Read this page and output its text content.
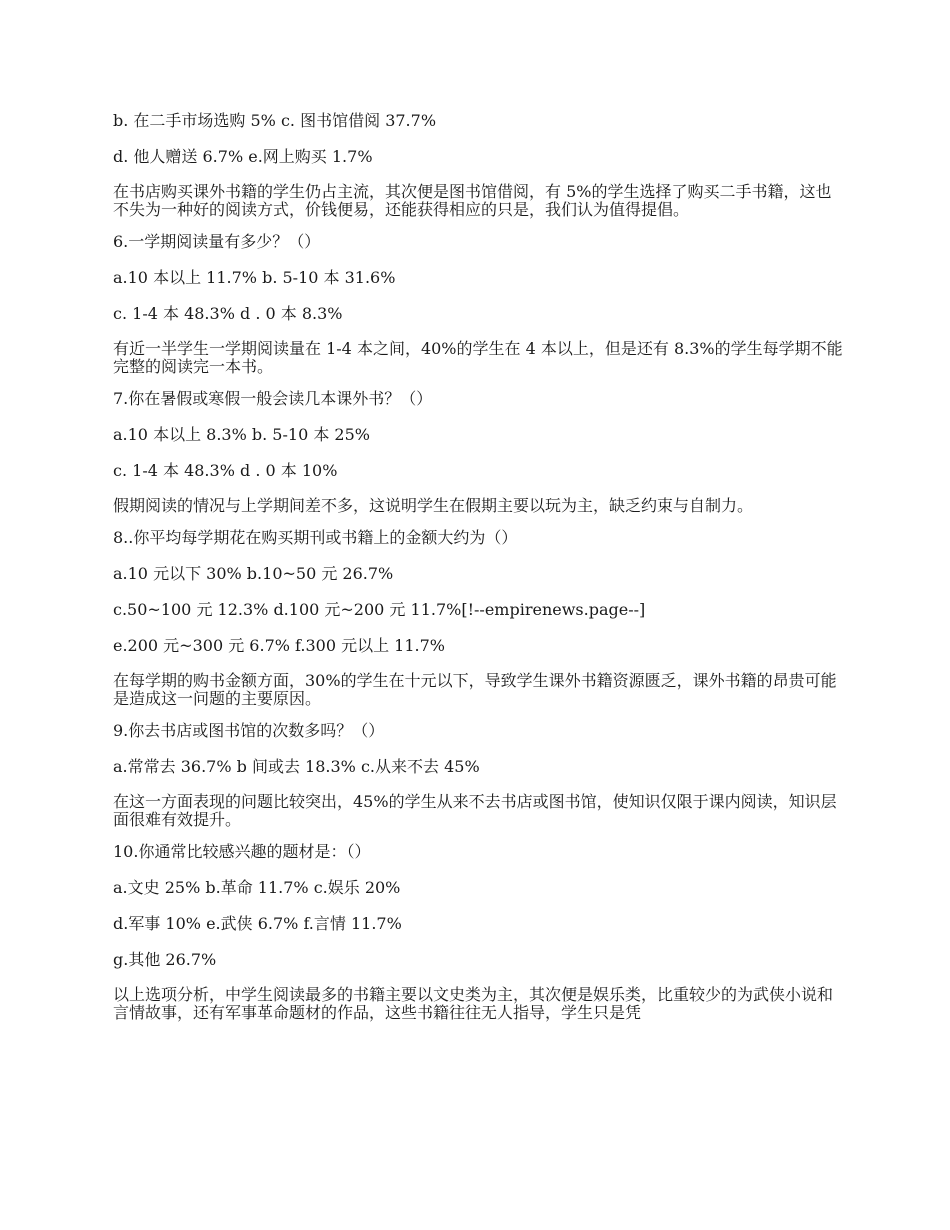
b. 在二手市场选购 5% c. 图书馆借阅 37.7%

d. 他人赠送 6.7% e.网上购买 1.7%

在书店购买课外书籍的学生仍占主流，其次便是图书馆借阅，有 5%的学生选择了购买二手书籍，这也不失为一种好的阅读方式，价钱便易，还能获得相应的只是，我们认为值得提倡。

6.一学期阅读量有多少？（）

a.10 本以上 11.7% b. 5-10 本 31.6%

c. 1-4 本 48.3% d . 0 本 8.3%

有近一半学生一学期阅读量在 1-4 本之间，40%的学生在 4 本以上，但是还有 8.3%的学生每学期不能完整的阅读完一本书。

7.你在暑假或寒假一般会读几本课外书？（）

a.10 本以上 8.3% b. 5-10 本 25%

c. 1-4 本 48.3% d . 0 本 10%

假期阅读的情况与上学期间差不多，这说明学生在假期主要以玩为主，缺乏约束与自制力。

8..你平均每学期花在购买期刊或书籍上的金额大约为（）

a.10 元以下 30% b.10~50 元 26.7%

c.50~100 元 12.3% d.100 元~200 元 11.7%[!--empirenews.page--]

e.200 元~300 元 6.7% f.300 元以上 11.7%

在每学期的购书金额方面，30%的学生在十元以下，导致学生课外书籍资源匮乏，课外书籍的昂贵可能是造成这一问题的主要原因。

9.你去书店或图书馆的次数多吗？（）

a.常常去 36.7% b 间或去 18.3% c.从来不去 45%

在这一方面表现的问题比较突出，45%的学生从来不去书店或图书馆，使知识仅限于课内阅读，知识层面很难有效提升。

10.你通常比较感兴趣的题材是：（）

a.文史 25% b.革命 11.7% c.娱乐 20%

d.军事 10% e.武侠 6.7% f.言情 11.7%

g.其他 26.7%

以上选项分析，中学生阅读最多的书籍主要以文史类为主，其次便是娱乐类，比重较少的为武侠小说和言情故事，还有军事革命题材的作品，这些书籍往往无人指导，学生只是凭
